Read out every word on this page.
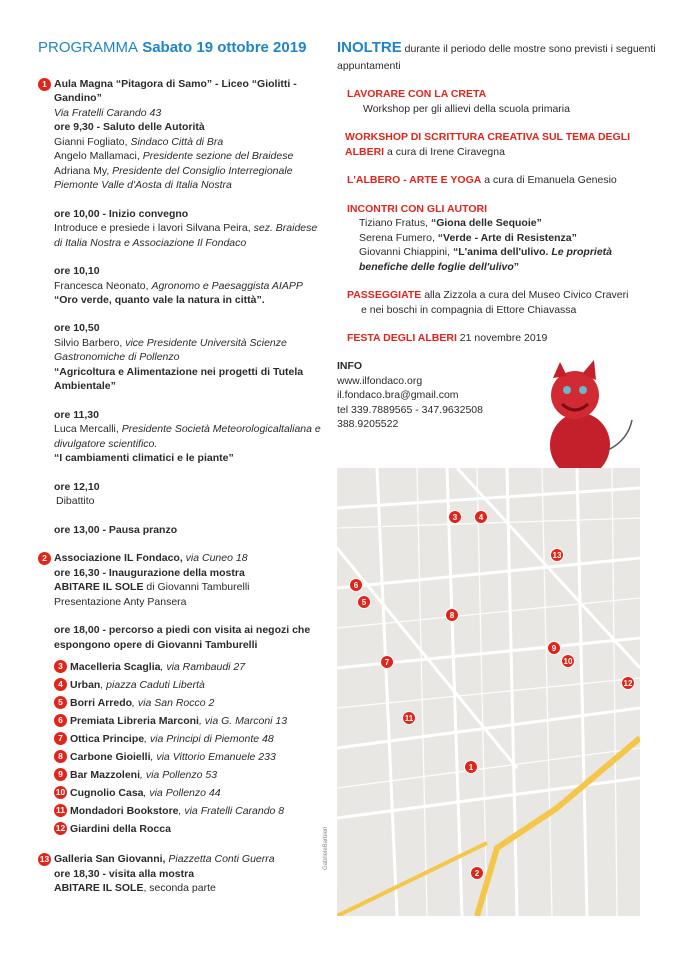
PROGRAMMA Sabato 19 ottobre 2019
1 Aula Magna “Pitagora di Samo” - Liceo “Giolitti - Gandino”
Via Fratelli Carando 43
ore 9,30 - Saluto delle Autorità
Gianni Fogliato, Sindaco Città di Bra
Angelo Mallamaci, Presidente sezione del Braidese
Adriana My, Presidente del Consiglio Interregionale Piemonte Valle d'Aosta di Italia Nostra
ore 10,00 - Inizio convegno
Introduce e presiede i lavori Silvana Peira, sez. Braidese di Italia Nostra e Associazione Il Fondaco
ore 10,10
Francesca Neonato, Agronomo e Paesaggista AIAPP
“Oro verde, quanto vale la natura in città”.
ore 10,50
Silvio Barbero, vice Presidente Università Scienze Gastronomiche di Pollenzo
“Agricoltura e Alimentazione nei progetti di Tutela Ambientale”
ore 11,30
Luca Mercalli, Presidente Società Meteorologicaltaliana e divulgatore scientifico.
“I cambiamenti climatici e le piante”
ore 12,10
Dibattito
ore 13,00 - Pausa pranzo
2 Associazione IL Fondaco, via Cuneo 18
ore 16,30 - Inaugurazione della mostra
ABITARE IL SOLE di Giovanni Tamburelli
Presentazione Anty Pansera
ore 18,00 - percorso a piedi con visita ai negozi che espongono opere di Giovanni Tamburelli
3 Macelleria Scaglia, via Rambaudi 27
4 Urban, piazza Caduti Libertà
5 Borri Arredo, via San Rocco 2
6 Premiata Libreria Marconi, via G. Marconi 13
7 Ottica Principe, via Principi di Piemonte 48
8 Carbone Gioielli, via Vittorio Emanuele 233
9 Bar Mazzoleni, via Pollenzo 53
10 Cugnolio Casa, via Pollenzo 44
11 Mondadori Bookstore, via Fratelli Carando 8
12 Giardini della Rocca
13 Galleria San Giovanni, Piazzetta Conti Guerra
ore 18,30 - visita alla mostra
ABITARE IL SOLE, seconda parte
INOLTRE durante il periodo delle mostre sono previsti i seguenti appuntamenti
LAVORARE CON LA CRETA
Workshop per gli allievi della scuola primaria
WORKSHOP DI SCRITTURA CREATIVA SUL TEMA DEGLI ALBERI a cura di Irene Ciravegna
L'ALBERO - ARTE E YOGA a cura di Emanuela Genesio
INCONTRI CON GLI AUTORI
Tiziano Fratus, “Giona delle Sequoie”
Serena Fumero, “Verde - Arte di Resistenza”
Giovanni Chiappini, “L'anima dell'ulivo. Le proprietà benefiche delle foglie dell'ulivo”
PASSEGGIATE alla Zizzola a cura del Museo Civico Craveri
e nei boschi in compagnia di Ettore Chiavassa
FESTA DEGLI ALBERI 21 novembre 2019
INFO
www.ilfondaco.org
il.fondaco.bra@gmail.com
tel 339.7889565 - 347.9632508
388.9205522
1
2
3	4
5
6
7
8
9
10
11
12
13
GabrieleBarbieri
